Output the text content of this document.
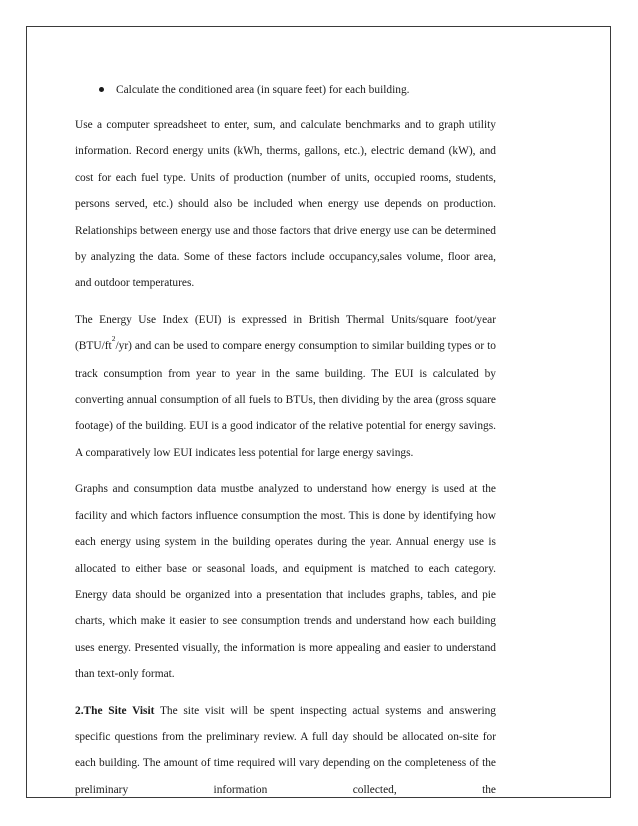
Calculate the conditioned area (in square feet) for each building.

Use a computer spreadsheet to enter, sum, and calculate benchmarks and to graph utility information. Record energy units (kWh, therms, gallons, etc.), electric demand (kW), and cost for each fuel type. Units of production (number of units, occupied rooms, students, persons served, etc.) should also be included when energy use depends on production. Relationships between energy use and those factors that drive energy use can be determined by analyzing the data. Some of these factors include occupancy,sales volume, floor area, and outdoor temperatures.

The Energy Use Index (EUI) is expressed in British Thermal Units/square foot/year $(BTU/ft^2/yr)$ and can be used to compare energy consumption to similar building types or to track consumption from year to year in the same building. The EUI is calculated by converting annual consumption of all fuels to BTUs, then dividing by the area (gross square footage) of the building. EUI is a good indicator of the relative potential for energy savings. A comparatively low EUI indicates less potential for large energy savings.

Graphs and consumption data mustbe analyzed to understand how energy is used at the facility and which factors influence consumption the most. This is done by identifying how each energy using system in the building operates during the year. Annual energy use is allocated to either base or seasonal loads, and equipment is matched to each category. Energy data should be organized into a presentation that includes graphs, tables, and pie charts, which make it easier to see consumption trends and understand how each building uses energy. Presented visually, the information is more appealing and easier to understand than text-only format.

2.The Site Visit The site visit will be spent inspecting actual systems and answering specific questions from the preliminary review. A full day should be allocated on-site for each building. The amount of time required will vary depending on the completeness of the preliminary information collected, the
